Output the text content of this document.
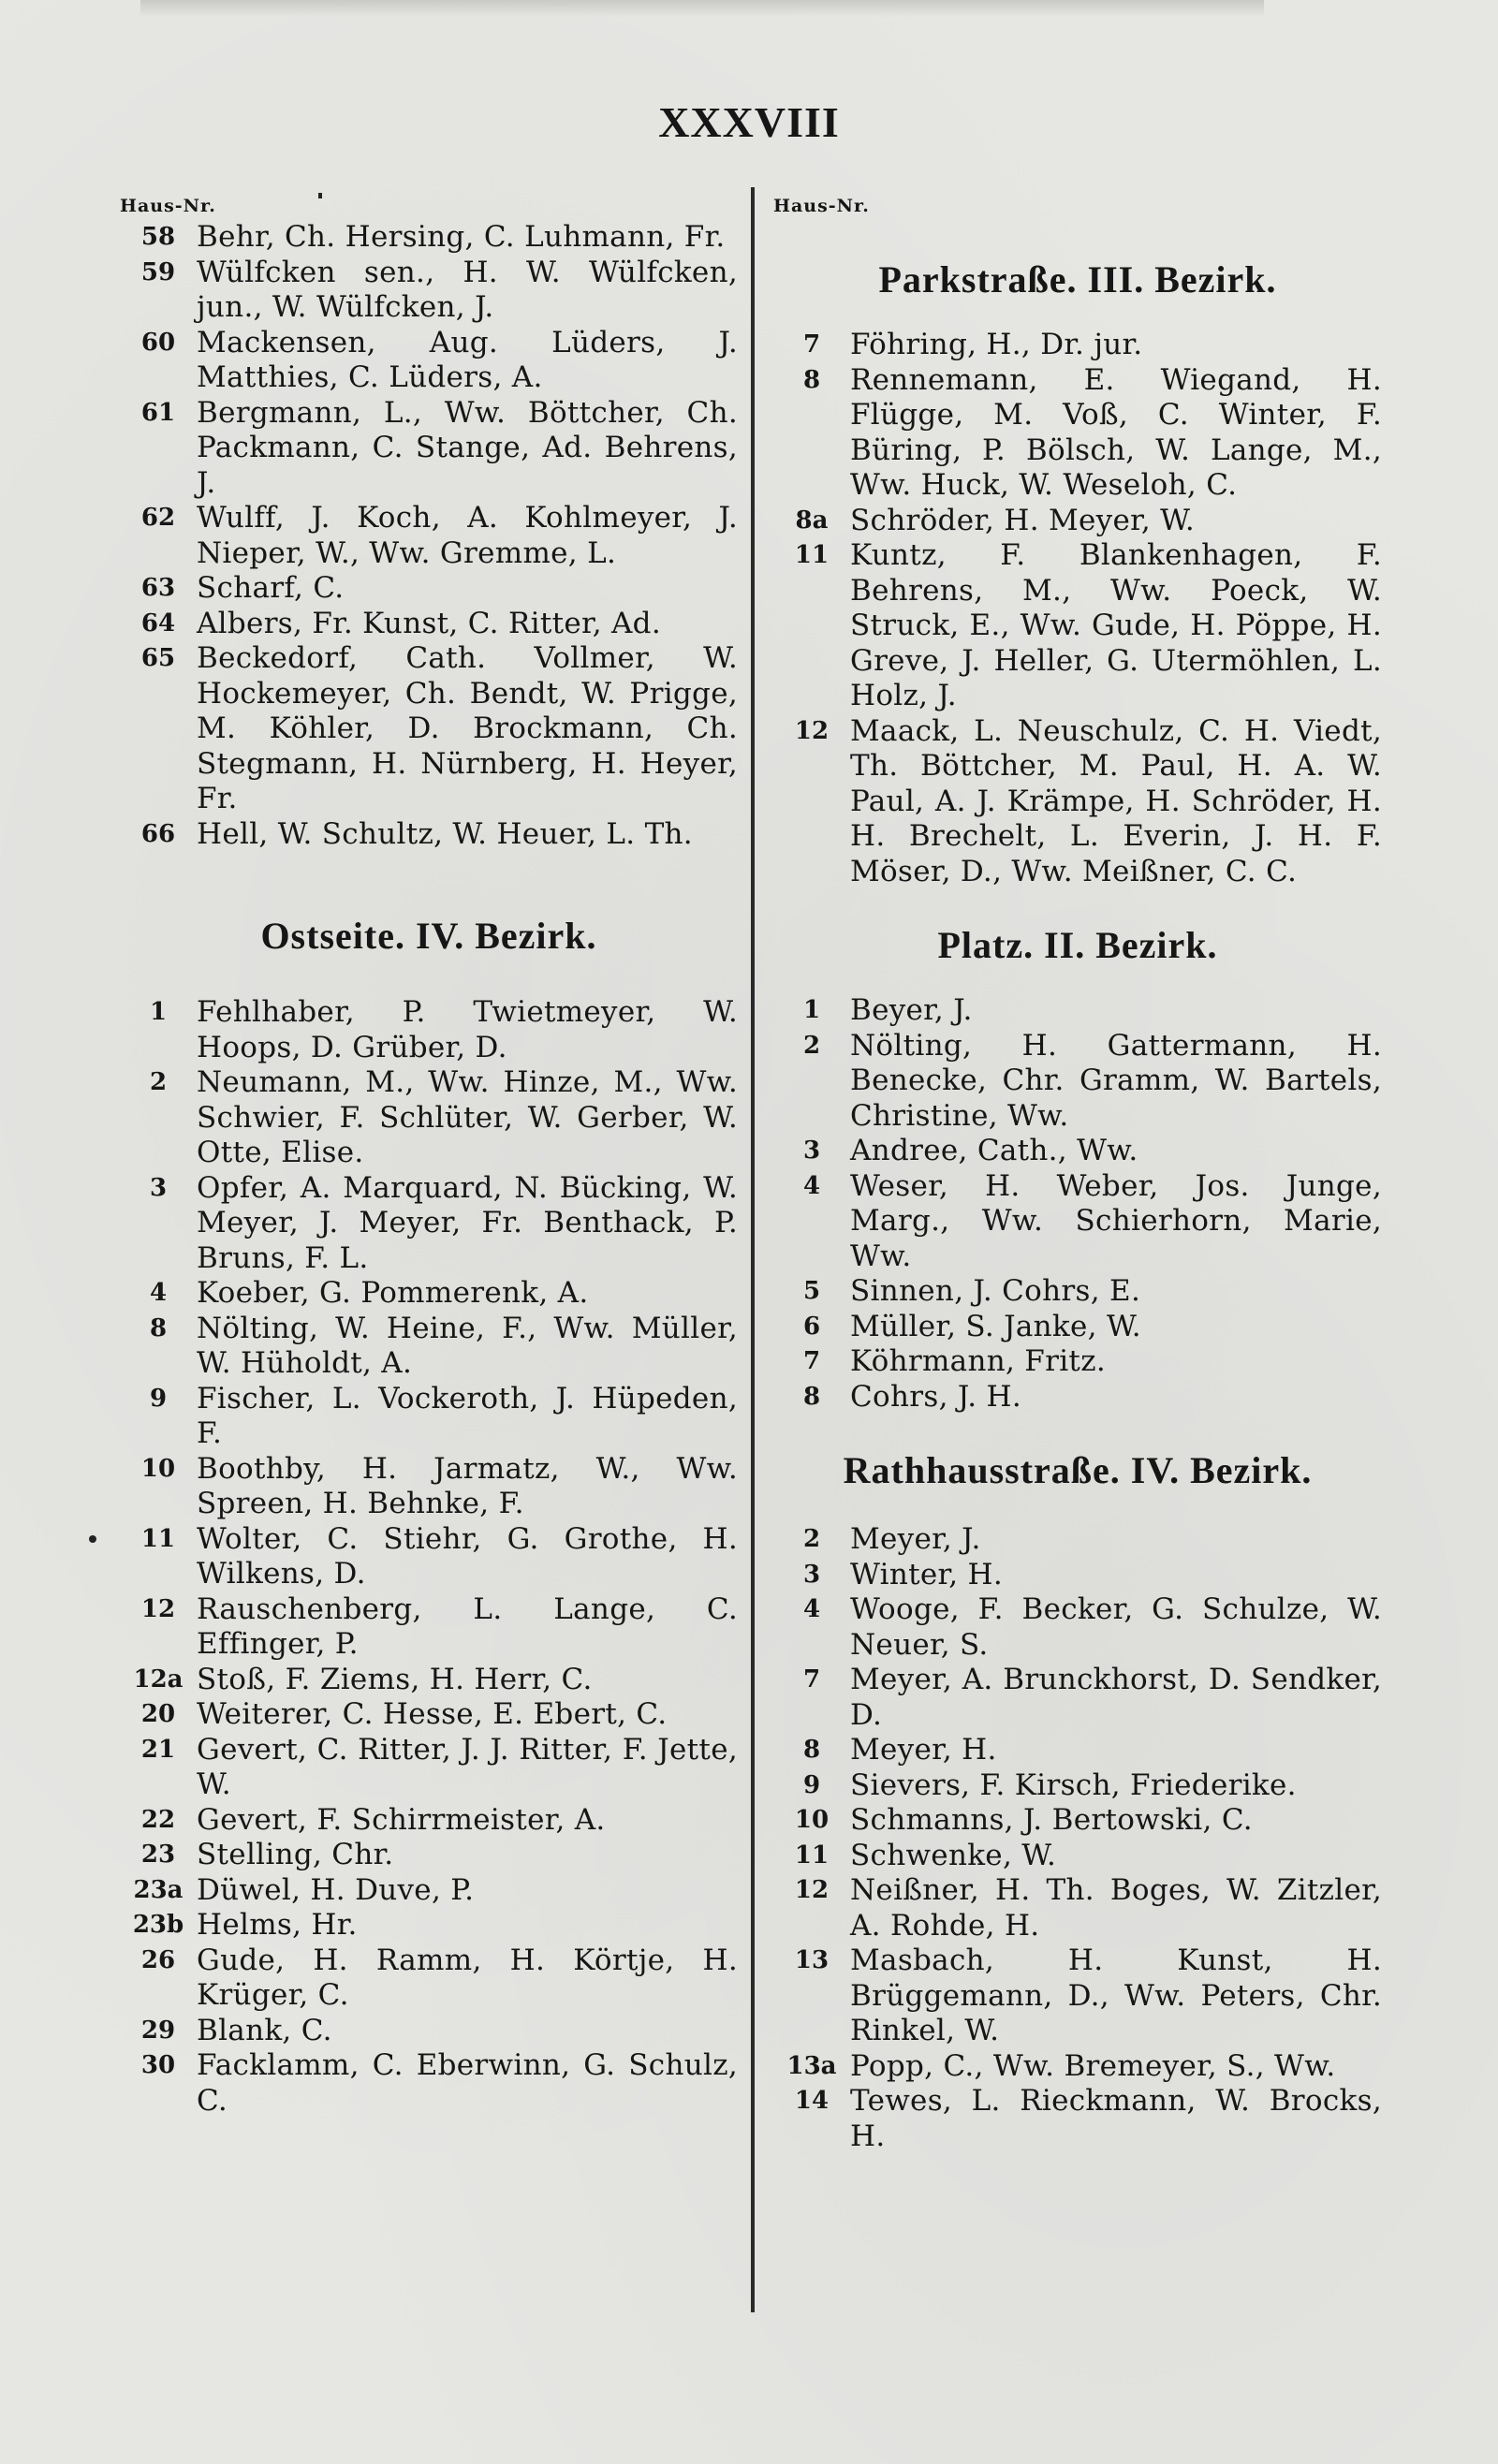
XXXVIII
Haus-Nr.
58 Behr, Ch. Hersing, C. Luhmann, Fr.
59 Wülfcken sen., H. W. Wülfcken, jun., W. Wülfcken, J.
60 Mackensen, Aug. Lüders, J. Matthies, C. Lüders, A.
61 Bergmann, L., Ww. Böttcher, Ch. Packmann, C. Stange, Ad. Behrens, J.
62 Wulff, J. Koch, A. Kohlmeyer, J. Nieper, W., Ww. Gremme, L.
63 Scharf, C.
64 Albers, Fr. Kunst, C. Ritter, Ad.
65 Beckedorf, Cath. Vollmer, W. Hockemeyer, Ch. Bendt, W. Prigge, M. Köhler, D. Brockmann, Ch. Stegmann, H. Nürnberg, H. Heyer, Fr.
66 Hell, W. Schultz, W. Heuer, L. Th.
Ostseite. IV. Bezirk.
1	Fehlhaber, P. Twietmeyer, W. Hoops, D. Grüber, D.
2	Neumann, M., Ww. Hinze, M., Ww. Schwier, F. Schlüter, W. Gerber, W. Otte, Elise.
3	Opfer, A. Marquard, N. Bücking, W. Meyer, J. Meyer, Fr. Benthack, P. Bruns, F. L.
4	Koeber, G. Pommerenk, A.
8	Nölting, W. Heine, F., Ww. Müller, W. Hüholdt, A.
9	Fischer, L. Vockeroth, J. Hüpeden, F.
10 Boothby, H. Jarmatz, W., Ww. Spreen, H. Behnke, F.
11 Wolter, C. Stiehr, G. Grothe, H. Wilkens, D.
12 Rauschenberg, L. Lange, C. Effinger, P.
12a Stoß, F. Ziems, H. Herr, C.
20 Weiterer, C. Hesse, E. Ebert, C.
21 Gevert, C. Ritter, J. J. Ritter, F. Jette, W.
22 Gevert, F. Schirrmeister, A.
23 Stelling, Chr.
23a Düwel, H. Duve, P.
23b Helms, Hr.
26 Gude, H. Ramm, H. Körtje, H. Krüger, C.
29 Blank, C.
30 Facklamm, C. Eberwinn, G. Schulz, C.
Haus-Nr.
Parkstraße. III. Bezirk.
7	Föhring, H., Dr. jur.
8	Rennemann, E. Wiegand, H. Flügge, M. Voß, C. Winter, F. Büring, P. Bölsch, W. Lange, M., Ww. Huck, W. Weseloh, C.
8a Schröder, H. Meyer, W.
11 Kuntz, F. Blankenhagen, F. Behrens, M., Ww. Poeck, W. Struck, E., Ww. Gude, H. Pöppe, H. Greve, J. Heller, G. Utermöhlen, L. Holz, J.
12 Maack, L. Neuschulz, C. H. Viedt, Th. Böttcher, M. Paul, H. A. W. Paul, A. J. Krämpe, H. Schröder, H. H. Brechelt, L. Everin, J. H. F. Möser, D., Ww. Meißner, C. C.
Platz. II. Bezirk.
1	Beyer, J.
2	Nölting, H. Gattermann, H. Benecke, Chr. Gramm, W. Bartels, Christine, Ww.
3	Andree, Cath., Ww.
4	Weser, H. Weber, Jos. Junge, Marg., Ww. Schierhorn, Marie, Ww.
5	Sinnen, J. Cohrs, E.
6	Müller, S. Janke, W.
7	Köhrmann, Fritz.
8	Cohrs, J. H.
Rathhausstraße. IV. Bezirk.
2	Meyer, J.
3	Winter, H.
4	Wooge, F. Becker, G. Schulze, W. Neuer, S.
7	Meyer, A. Brunckhorst, D. Sendker, D.
8	Meyer, H.
9	Sievers, F. Kirsch, Friederike.
10 Schmanns, J. Bertowski, C.
11 Schwenke, W.
12 Neißner, H. Th. Boges, W. Zitzler, A. Rohde, H.
13 Masbach, H. Kunst, H. Brüggemann, D., Ww. Peters, Chr. Rinkel, W.
13a Popp, C., Ww. Bremeyer, S., Ww.
14 Tewes, L. Rieckmann, W. Brocks, H.
